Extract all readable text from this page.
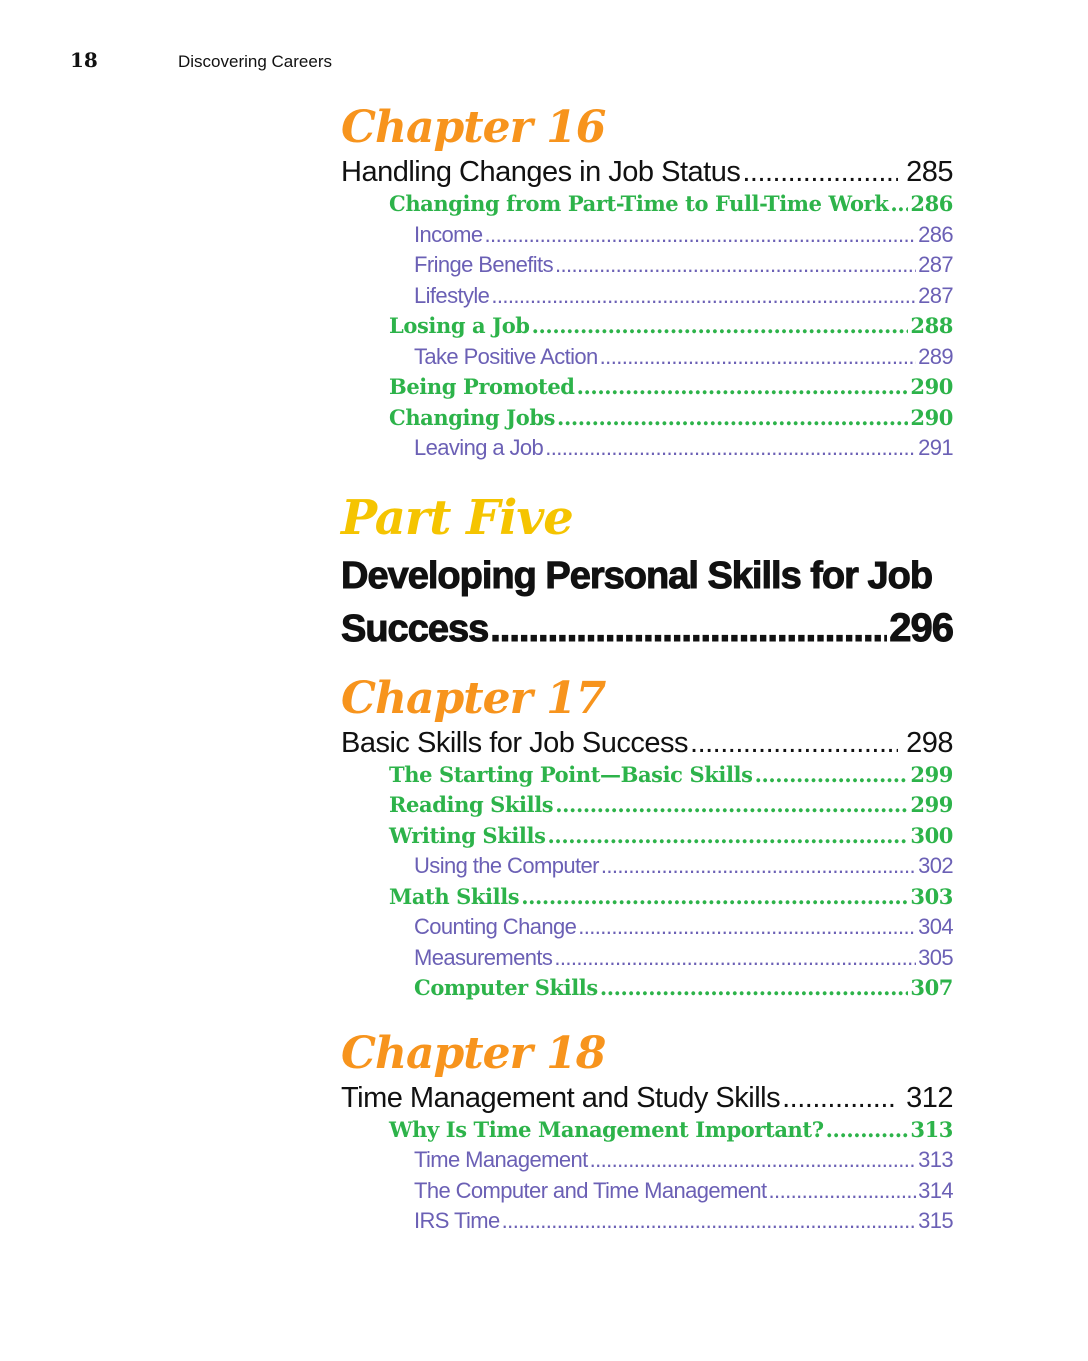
18	Discovering Careers
Chapter 16
Handling Changes in Job Status .....	285
Changing from Part-Time to Full-Time Work ..... 286
Income .....	286
Fringe Benefits .....	287
Lifestyle .....	287
Losing a Job .....	288
Take Positive Action .....	289
Being Promoted .....	290
Changing Jobs .....	290
Leaving a Job .....	291
Part Five
Developing Personal Skills for Job
Success .....	296
Chapter 17
Basic Skills for Job Success .....	298
The Starting Point—Basic Skills .....	299
Reading Skills .....	299
Writing Skills .....	300
Using the Computer .....	302
Math Skills .....	303
Counting Change .....	304
Measurements .....	305
Computer Skills .....	307
Chapter 18
Time Management and Study Skills .....	312
Why Is Time Management Important? .....	313
Time Management .....	313
The Computer and Time Management .....	314
IRS Time .....	315
